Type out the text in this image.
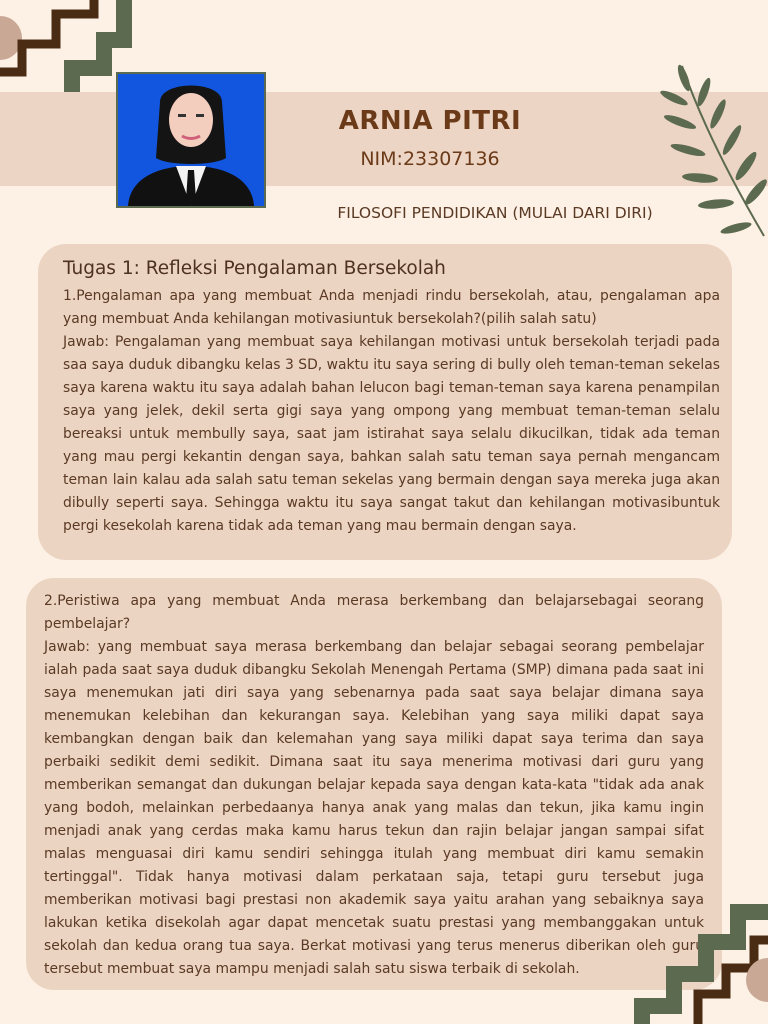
ARNIA PITRI
NIM:23307136
FILOSOFI PENDIDIKAN (MULAI DARI DIRI)
Tugas 1: Refleksi Pengalaman Bersekolah

1.Pengalaman apa yang membuat Anda menjadi rindu bersekolah, atau, pengalaman apa yang membuat Anda kehilangan motivasiuntuk bersekolah?(pilih salah satu)

Jawab: Pengalaman yang membuat saya kehilangan motivasi untuk bersekolah terjadi pada saa saya duduk dibangku kelas 3 SD, waktu itu saya sering di bully oleh teman-teman sekelas saya karena waktu itu saya adalah bahan lelucon bagi teman-teman saya karena penampilan saya yang jelek, dekil serta gigi saya yang ompong yang membuat teman-teman selalu bereaksi untuk membully saya, saat jam istirahat saya selalu dikucilkan, tidak ada teman yang mau pergi kekantin dengan saya, bahkan salah satu teman saya pernah mengancam teman lain kalau ada salah satu teman sekelas yang bermain dengan saya mereka juga akan dibully seperti saya. Sehingga waktu itu saya sangat takut dan kehilangan motivasibuntuk pergi kesekolah karena tidak ada teman yang mau bermain dengan saya.

2.Peristiwa apa yang membuat Anda merasa berkembang dan belajarsebagai seorang pembelajar?

Jawab: yang membuat saya merasa berkembang dan belajar sebagai seorang pembelajar ialah pada saat saya duduk dibangku Sekolah Menengah Pertama (SMP) dimana pada saat ini saya menemukan jati diri saya yang sebenarnya pada saat saya belajar dimana saya menemukan kelebihan dan kekurangan saya. Kelebihan yang saya miliki dapat saya kembangkan dengan baik dan kelemahan yang saya miliki dapat saya terima dan saya perbaiki sedikit demi sedikit. Dimana saat itu saya menerima motivasi dari guru yang memberikan semangat dan dukungan belajar kepada saya dengan kata-kata "tidak ada anak yang bodoh, melainkan perbedaanya hanya anak yang malas dan tekun, jika kamu ingin menjadi anak yang cerdas maka kamu harus tekun dan rajin belajar jangan sampai sifat malas menguasai diri kamu sendiri sehingga itulah yang membuat diri kamu semakin tertinggal". Tidak hanya motivasi dalam perkataan saja, tetapi guru tersebut juga memberikan motivasi bagi prestasi non akademik saya yaitu arahan yang sebaiknya saya lakukan ketika disekolah agar dapat mencetak suatu prestasi yang membanggakan untuk sekolah dan kedua orang tua saya. Berkat motivasi yang terus menerus diberikan oleh guru tersebut membuat saya mampu menjadi salah satu siswa terbaik di sekolah.
